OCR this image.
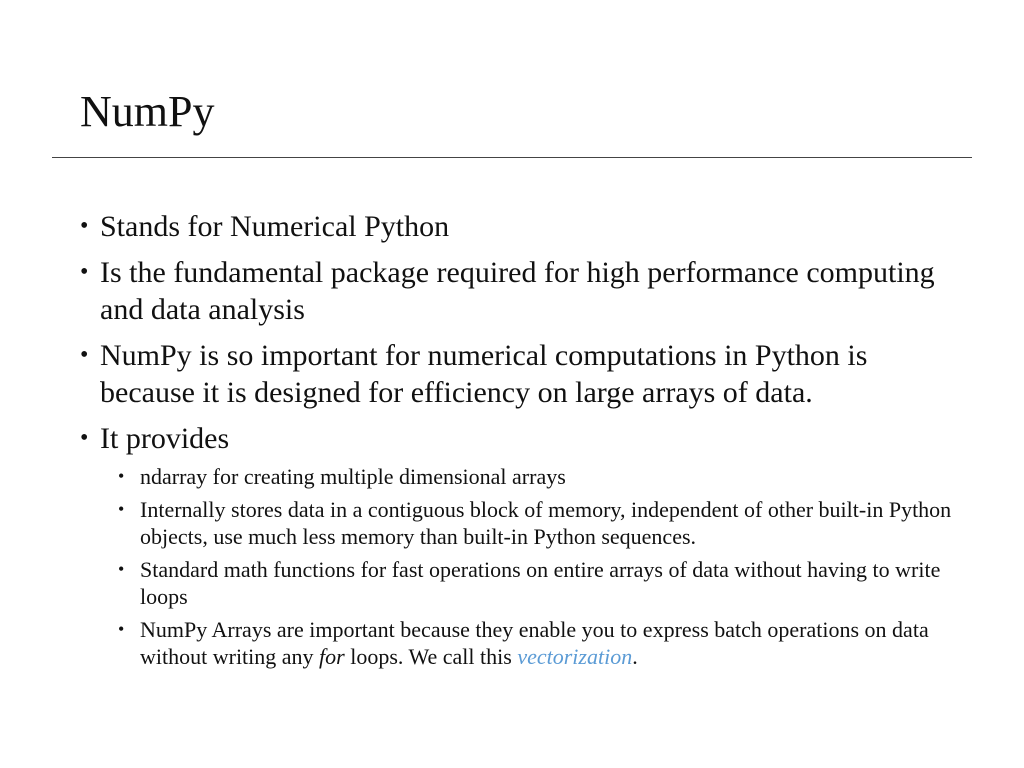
NumPy
• Stands for Numerical Python
• Is the fundamental package required for high performance computing and data analysis
• NumPy is so important for numerical computations in Python is because it is designed for efficiency on large arrays of data.
• It provides
• ndarray for creating multiple dimensional arrays
• Internally stores data in a contiguous block of memory, independent of other built-in Python objects, use much less memory than built-in Python sequences.
• Standard math functions for fast operations on entire arrays of data without having to write loops
• NumPy Arrays are important because they enable you to express batch operations on data without writing any for loops. We call this vectorization.
